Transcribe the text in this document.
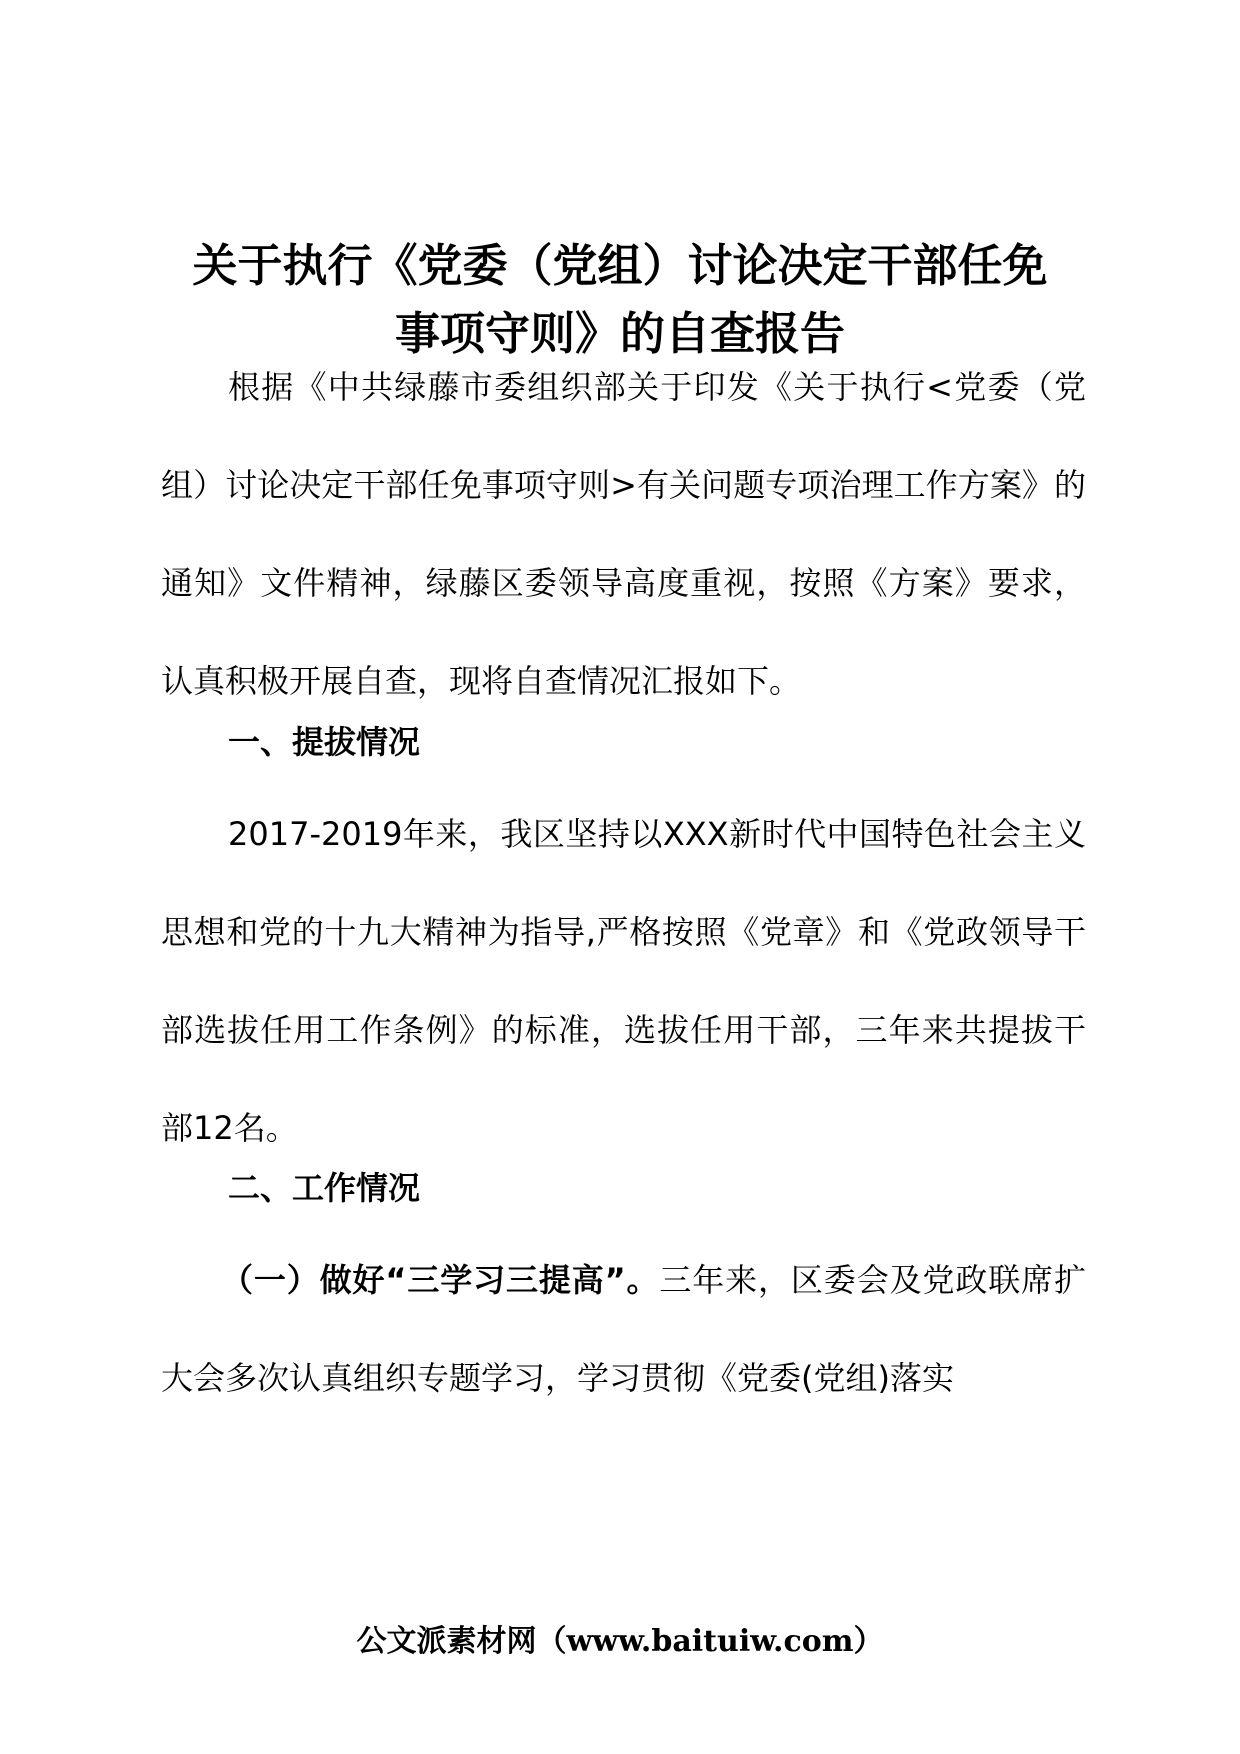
关于执行《党委（党组）讨论决定干部任免
事项守则》的自查报告

根据《中共绿藤市委组织部关于印发《关于执行<党委（党组）讨论决定干部任免事项守则>有关问题专项治理工作方案》的通知》文件精神，绿藤区委领导高度重视，按照《方案》要求，认真积极开展自查，现将自查情况汇报如下。

一、提拔情况

2017-2019年来，我区坚持以XXX新时代中国特色社会主义思想和党的十九大精神为指导,严格按照《党章》和《党政领导干部选拔任用工作条例》的标准，选拔任用干部，三年来共提拔干部12名。

二、工作情况

（一）做好“三学习三提高”。三年来，区委会及党政联席扩大会多次认真组织专题学习，学习贯彻《党委(党组)落实

公文派素材网（www.baituiw.com）
